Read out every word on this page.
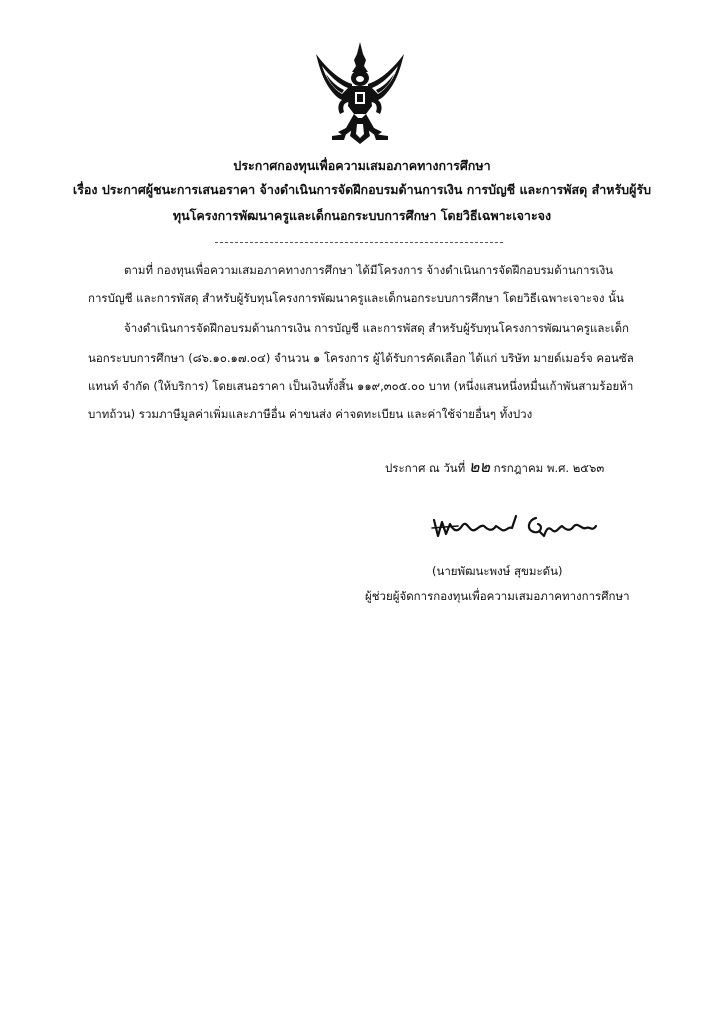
ประกาศกองทุนเพื่อความเสมอภาคทางการศึกษา
เรื่อง ประกาศผู้ชนะการเสนอราคา จ้างดำเนินการจัดฝึกอบรมด้านการเงิน การบัญชี และการพัสดุ สำหรับผู้รับ
ทุนโครงการพัฒนาครูและเด็กนอกระบบการศึกษา โดยวิธีเฉพาะเจาะจง
ตามที่ กองทุนเพื่อความเสมอภาคทางการศึกษา ได้มีโครงการ จ้างดำเนินการจัดฝึกอบรมด้านการเงิน
การบัญชี และการพัสดุ สำหรับผู้รับทุนโครงการพัฒนาครูและเด็กนอกระบบการศึกษา โดยวิธีเฉพาะเจาะจง นั้น
จ้างดำเนินการจัดฝึกอบรมด้านการเงิน การบัญชี และการพัสดุ สำหรับผู้รับทุนโครงการพัฒนาครูและเด็ก
นอกระบบการศึกษา (๘๖.๑๐.๑๗.๐๔) จำนวน ๑ โครงการ ผู้ได้รับการคัดเลือก ได้แก่ บริษัท มายด์เมอร์จ คอนซัล
แทนท์ จำกัด (ให้บริการ) โดยเสนอราคา เป็นเงินทั้งสิ้น ๑๑๙,๓๐๕.๐๐ บาท (หนึ่งแสนหนึ่งหมื่นเก้าพันสามร้อยห้า
บาทถ้วน) รวมภาษีมูลค่าเพิ่มและภาษีอื่น ค่าขนส่ง ค่าจดทะเบียน และค่าใช้จ่ายอื่นๆ ทั้งปวง
ประกาศ ณ วันที่ ๒๒ กรกฎาคม พ.ศ. ๒๕๖๓
(นายพัฒนะพงษ์ สุขมะดัน)
ผู้ช่วยผู้จัดการกองทุนเพื่อความเสมอภาคทางการศึกษา
